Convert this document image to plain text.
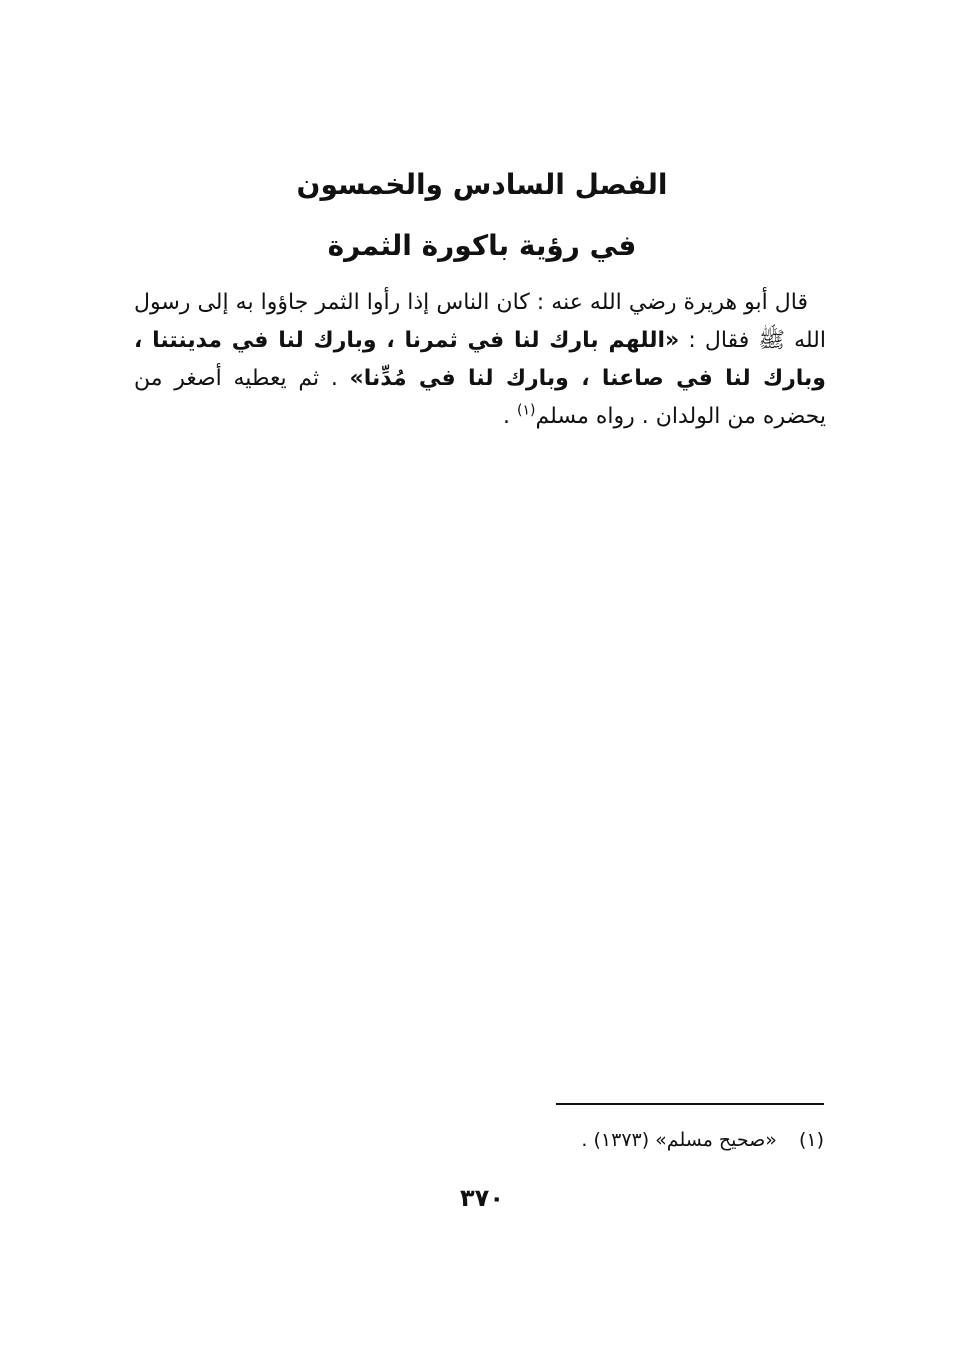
الفصل السادس والخمسون
في رؤية باكورة الثمرة

قال أبو هريرة رضي الله عنه : كان الناس إذا رأوا الثمر جاؤوا به إلى رسول الله ﷺ فقال : «اللهم بارك لنا في ثمرنا ، وبارك لنا في مدينتنا ، وبارك لنا في صاعنا ، وبارك لنا في مُدِّنا» . ثم يعطيه أصغر من يحضره من الولدان . رواه مسلم$^{(١)}$ .

(١)«صحيح مسلم» (١٣٧٣) .
٣٧٠
